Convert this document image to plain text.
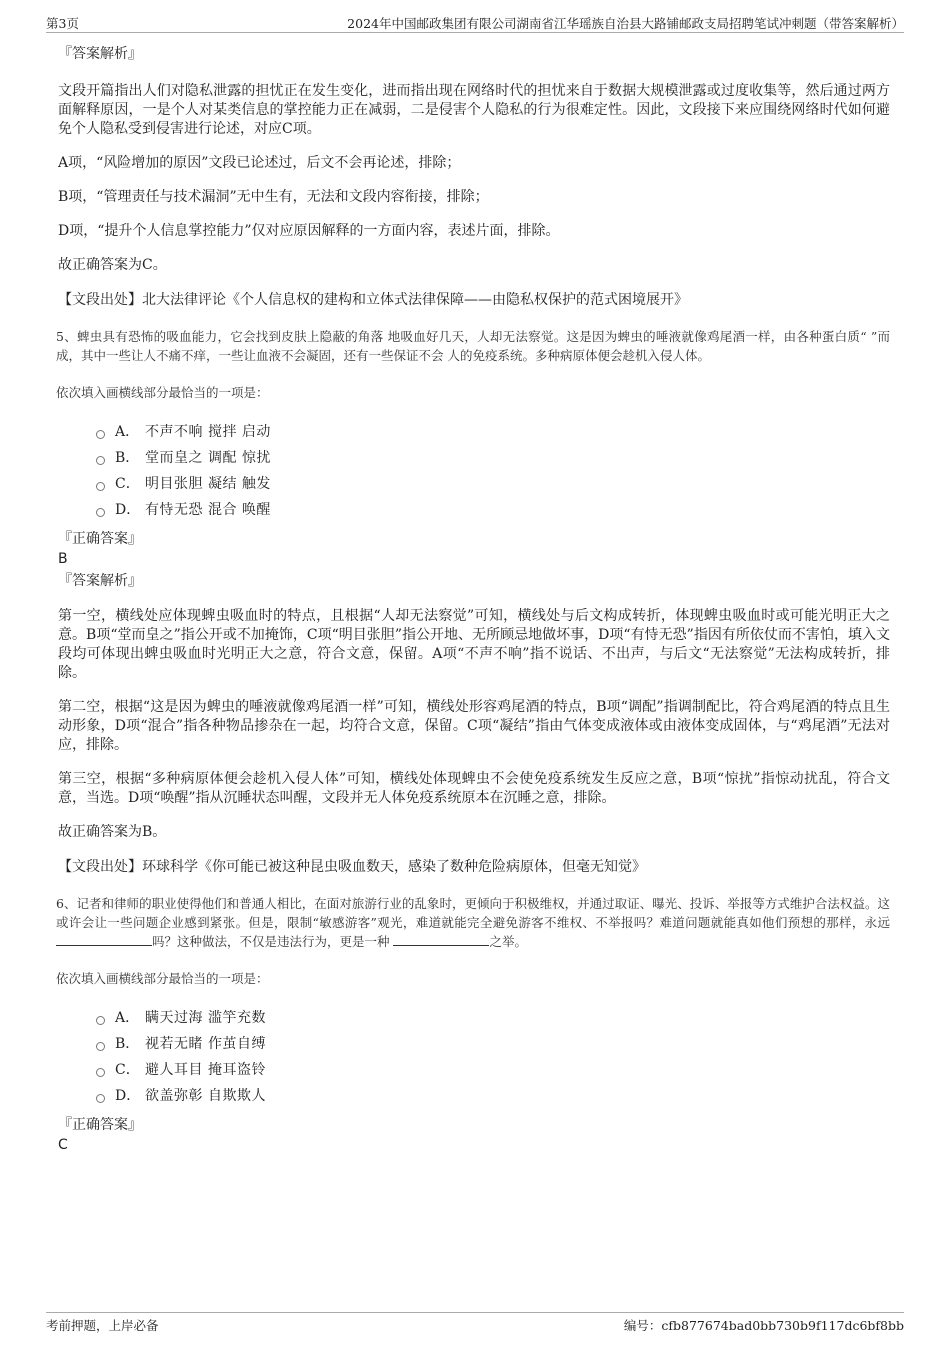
第3页	2024年中国邮政集团有限公司湖南省江华瑶族自治县大路铺邮政支局招聘笔试冲刺题（带答案解析）
『答案解析』
文段开篇指出人们对隐私泄露的担忧正在发生变化，进而指出现在网络时代的担忧来自于数据大规模泄露或过度收集等，然后通过两方面解释原因，一是个人对某类信息的掌控能力正在减弱，二是侵害个人隐私的行为很难定性。因此，文段接下来应围绕网络时代如何避免个人隐私受到侵害进行论述，对应C项。
A项，“风险增加的原因”文段已论述过，后文不会再论述，排除；
B项，“管理责任与技术漏洞”无中生有，无法和文段内容衔接，排除；
D项，“提升个人信息掌控能力”仅对应原因解释的一方面内容，表述片面，排除。
故正确答案为C。
【文段出处】北大法律评论《个人信息权的建构和立体式法律保障——由隐私权保护的范式困境展开》
5、蜱虫具有恐怖的吸血能力，它会找到皮肤上隐蔽的角落 地吸血好几天，人却无法察觉。这是因为蜱虫的唾液就像鸡尾酒一样，由各种蛋白质“ ”而成，其中一些让人不痛不痒，一些让血液不会凝固，还有一些保证不会 人的免疫系统。多种病原体便会趁机入侵人体。
依次填入画横线部分最恰当的一项是：
A． 不声不响 搅拌 启动
B． 堂而皇之 调配 惊扰
C． 明目张胆 凝结 触发
D． 有恃无恐 混合 唤醒
『正确答案』
B
『答案解析』
第一空，横线处应体现蜱虫吸血时的特点，且根据“人却无法察觉”可知，横线处与后文构成转折，体现蜱虫吸血时或可能光明正大之意。B项“堂而皇之”指公开或不加掩饰，C项“明目张胆”指公开地、无所顾忌地做坏事，D项“有恃无恐”指因有所依仗而不害怕，填入文段均可体现出蜱虫吸血时光明正大之意，符合文意，保留。A项“不声不响”指不说话、不出声，与后文“无法察觉”无法构成转折，排除。
第二空，根据“这是因为蜱虫的唾液就像鸡尾酒一样”可知，横线处形容鸡尾酒的特点，B项“调配”指调制配比，符合鸡尾酒的特点且生动形象，D项“混合”指各种物品掺杂在一起，均符合文意，保留。C项“凝结”指由气体变成液体或由液体变成固体，与“鸡尾酒”无法对应，排除。
第三空，根据“多种病原体便会趁机入侵人体”可知，横线处体现蜱虫不会使免疫系统发生反应之意，B项“惊扰”指惊动扰乱，符合文意，当选。D项“唤醒”指从沉睡状态叫醒，文段并无人体免疫系统原本在沉睡之意，排除。
故正确答案为B。
【文段出处】环球科学《你可能已被这种昆虫吸血数天，感染了数种危险病原体，但毫无知觉》
6、记者和律师的职业使得他们和普通人相比，在面对旅游行业的乱象时，更倾向于积极维权，并通过取证、曝光、投诉、举报等方式维护合法权益。这或许会让一些问题企业感到紧张。但是，限制“敏感游客”观光，难道就能完全避免游客不维权、不举报吗？难道问题就能真如他们预想的那样，永远 吗？这种做法，不仅是违法行为，更是一种	之举。
依次填入画横线部分最恰当的一项是：
A． 瞒天过海 滥竽充数
B． 视若无睹 作茧自缚
C． 避人耳目 掩耳盗铃
D． 欲盖弥彰 自欺欺人
『正确答案』
C
考前押题，上岸必备	编号：cfb877674bad0bb730b9f117dc6bf8bb
